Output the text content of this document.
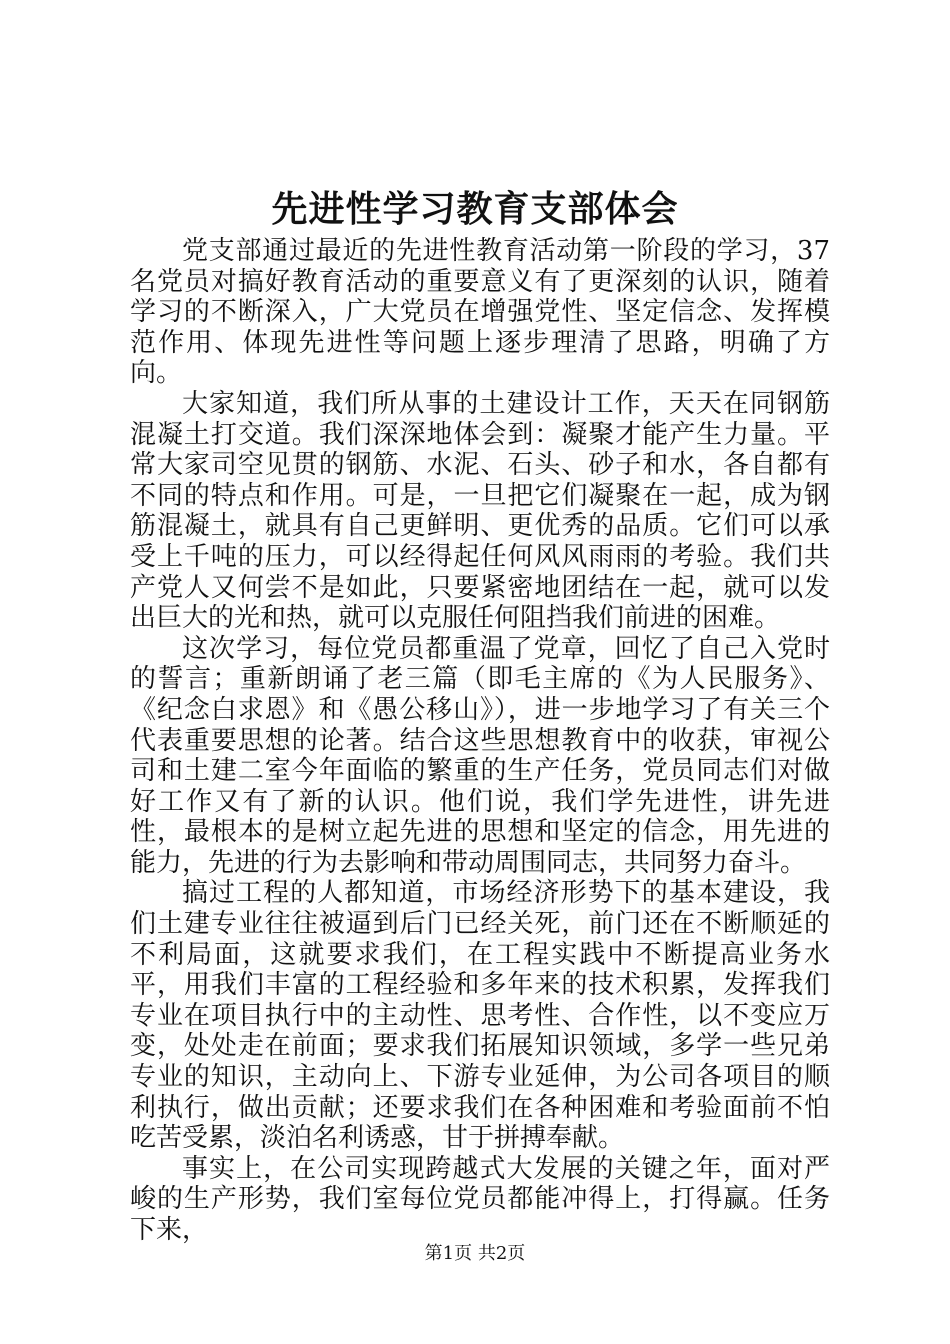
先进性学习教育支部体会

党支部通过最近的先进性教育活动第一阶段的学习，37名党员对搞好教育活动的重要意义有了更深刻的认识，随着学习的不断深入，广大党员在增强党性、坚定信念、发挥模范作用、体现先进性等问题上逐步理清了思路，明确了方向。

大家知道，我们所从事的土建设计工作，天天在同钢筋混凝土打交道。我们深深地体会到：凝聚才能产生力量。平常大家司空见贯的钢筋、水泥、石头、砂子和水，各自都有不同的特点和作用。可是，一旦把它们凝聚在一起，成为钢筋混凝土，就具有自己更鲜明、更优秀的品质。它们可以承受上千吨的压力，可以经得起任何风风雨雨的考验。我们共产党人又何尝不是如此，只要紧密地团结在一起，就可以发出巨大的光和热，就可以克服任何阻挡我们前进的困难。

这次学习，每位党员都重温了党章，回忆了自己入党时的誓言；重新朗诵了老三篇（即毛主席的《为人民服务》、《纪念白求恩》和《愚公移山》），进一步地学习了有关三个代表重要思想的论著。结合这些思想教育中的收获，审视公司和土建二室今年面临的繁重的生产任务，党员同志们对做好工作又有了新的认识。他们说，我们学先进性，讲先进性，最根本的是树立起先进的思想和坚定的信念，用先进的能力，先进的行为去影响和带动周围同志，共同努力奋斗。

搞过工程的人都知道，市场经济形势下的基本建设，我们土建专业往往被逼到后门已经关死，前门还在不断顺延的不利局面，这就要求我们，在工程实践中不断提高业务水平，用我们丰富的工程经验和多年来的技术积累，发挥我们专业在项目执行中的主动性、思考性、合作性，以不变应万变，处处走在前面；要求我们拓展知识领域，多学一些兄弟专业的知识，主动向上、下游专业延伸，为公司各项目的顺利执行，做出贡献；还要求我们在各种困难和考验面前不怕吃苦受累，淡泊名利诱惑，甘于拼搏奉献。

事实上，在公司实现跨越式大发展的关键之年，面对严峻的生产形势，我们室每位党员都能冲得上，打得赢。任务下来，

第1页 共2页
